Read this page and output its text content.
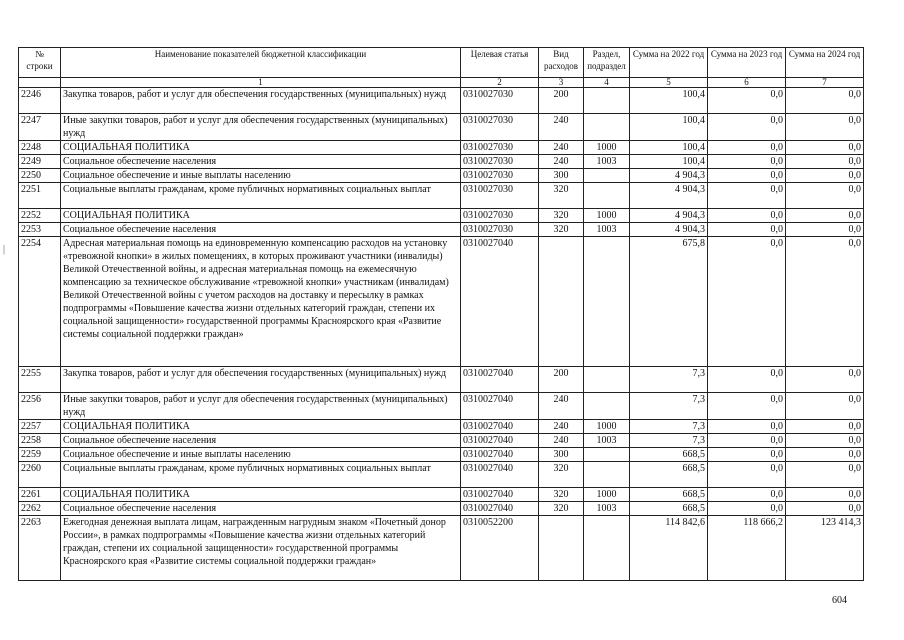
№ строки	Наименование показателей бюджетной классификации	Целевая статья	Вид расходов	Раздел, подраздел	Сумма на 2022 год	Сумма на 2023 год	Сумма на 2024 год
	1	2	3	4	5	6	7
2246	Закупка товаров, работ и услуг для обеспечения государственных (муниципальных) нужд	0310027030	200		100,4	0,0	0,0
2247	Иные закупки товаров, работ и услуг для обеспечения государственных (муниципальных) нужд	0310027030	240		100,4	0,0	0,0
2248	СОЦИАЛЬНАЯ ПОЛИТИКА	0310027030	240	1000	100,4	0,0	0,0
2249	Социальное обеспечение населения	0310027030	240	1003	100,4	0,0	0,0
2250	Социальное обеспечение и иные выплаты населению	0310027030	300		4 904,3	0,0	0,0
2251	Социальные выплаты гражданам, кроме публичных нормативных социальных выплат	0310027030	320		4 904,3	0,0	0,0
2252	СОЦИАЛЬНАЯ ПОЛИТИКА	0310027030	320	1000	4 904,3	0,0	0,0
2253	Социальное обеспечение населения	0310027030	320	1003	4 904,3	0,0	0,0
2254	Адресная материальная помощь на единовременную компенсацию расходов на установку «тревожной кнопки» в жилых помещениях, в которых проживают участники (инвалиды) Великой Отечественной войны, и адресная материальная помощь на ежемесячную компенсацию за техническое обслуживание «тревожной кнопки» участникам (инвалидам) Великой Отечественной войны с учетом расходов на доставку и пересылку в рамках подпрограммы «Повышение качества жизни отдельных категорий граждан, степени их социальной защищенности» государственной программы Красноярского края «Развитие системы социальной поддержки граждан»	0310027040			675,8	0,0	0,0
2255	Закупка товаров, работ и услуг для обеспечения государственных (муниципальных) нужд	0310027040	200		7,3	0,0	0,0
2256	Иные закупки товаров, работ и услуг для обеспечения государственных (муниципальных) нужд	0310027040	240		7,3	0,0	0,0
2257	СОЦИАЛЬНАЯ ПОЛИТИКА	0310027040	240	1000	7,3	0,0	0,0
2258	Социальное обеспечение населения	0310027040	240	1003	7,3	0,0	0,0
2259	Социальное обеспечение и иные выплаты населению	0310027040	300		668,5	0,0	0,0
2260	Социальные выплаты гражданам, кроме публичных нормативных социальных выплат	0310027040	320		668,5	0,0	0,0
2261	СОЦИАЛЬНАЯ ПОЛИТИКА	0310027040	320	1000	668,5	0,0	0,0
2262	Социальное обеспечение населения	0310027040	320	1003	668,5	0,0	0,0
2263	Ежегодная денежная выплата лицам, награжденным нагрудным знаком «Почетный донор России», в рамках подпрограммы «Повышение качества жизни отдельных категорий граждан, степени их социальной защищенности» государственной программы Красноярского края «Развитие системы социальной поддержки граждан»	0310052200			114 842,6	118 666,2	123 414,3
|
604
